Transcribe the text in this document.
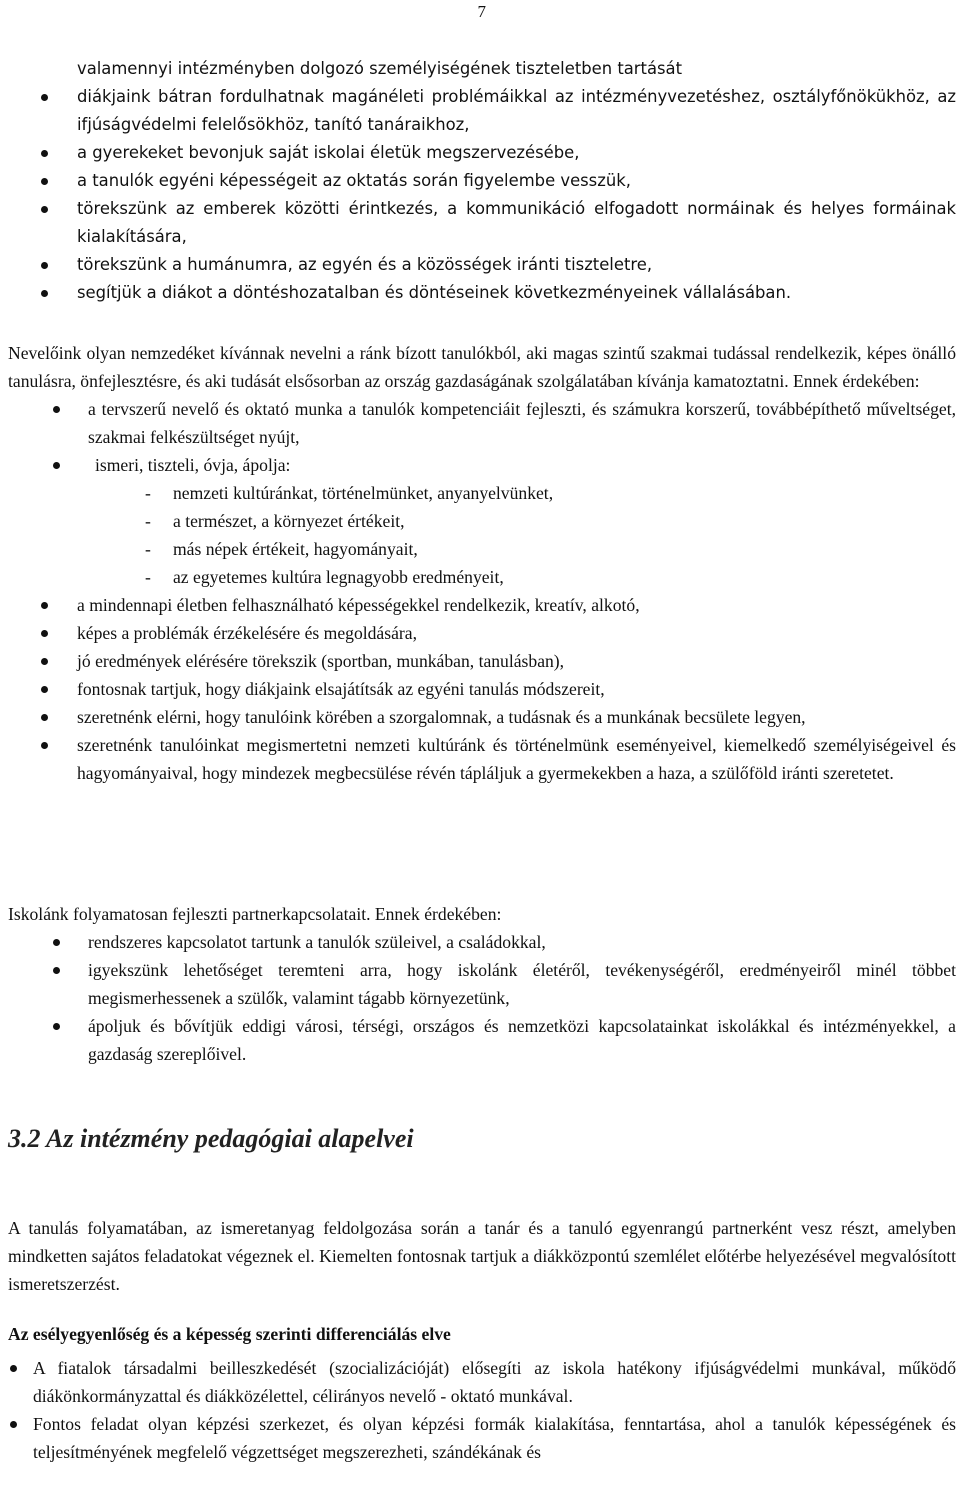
7
valamennyi intézményben dolgozó személyiségének tiszteletben tartását
diákjaink bátran fordulhatnak magánéleti problémáikkal az intézményvezetéshez, osztályfőnökükhöz, az ifjúságvédelmi felelősökhöz, tanító tanáraikhoz,
a gyerekeket bevonjuk saját iskolai életük megszervezésébe,
a tanulók egyéni képességeit az oktatás során figyelembe vesszük,
törekszünk az emberek közötti érintkezés, a kommunikáció elfogadott normáinak és helyes formáinak kialakítására,
törekszünk a humánumra, az egyén és a közösségek iránti tiszteletre,
segítjük a diákot a döntéshozatalban és döntéseinek következményeinek vállalásában.

Nevelőink olyan nemzedéket kívánnak nevelni a ránk bízott tanulókból, aki magas szintű szakmai tudással rendelkezik, képes önálló tanulásra, önfejlesztésre, és aki tudását elsősorban az ország gazdaságának szolgálatában kívánja kamatoztatni. Ennek érdekében:

a tervszerű nevelő és oktató munka a tanulók kompetenciáit fejleszti, és számukra korszerű, továbbépíthető műveltséget, szakmai felkészültséget nyújt,
ismeri, tiszteli, óvja, ápolja:
- nemzeti kultúránkat, történelmünket, anyanyelvünket,
- a természet, a környezet értékeit,
- más népek értékeit, hagyományait,
- az egyetemes kultúra legnagyobb eredményeit,
a mindennapi életben felhasználható képességekkel rendelkezik, kreatív, alkotó,
képes a problémák érzékelésére és megoldására,
jó eredmények elérésére törekszik (sportban, munkában, tanulásban),
fontosnak tartjuk, hogy diákjaink elsajátítsák az egyéni tanulás módszereit,
szeretnénk elérni, hogy tanulóink körében a szorgalomnak, a tudásnak és a munkának becsülete legyen,
szeretnénk tanulóinkat megismertetni nemzeti kultúránk és történelmünk eseményeivel, kiemelkedő személyiségeivel és hagyományaival, hogy mindezek megbecsülése révén tápláljuk a gyermekekben a haza, a szülőföld iránti szeretetet.

Iskolánk folyamatosan fejleszti partnerkapcsolatait. Ennek érdekében:

rendszeres kapcsolatot tartunk a tanulók szüleivel, a családokkal,
igyekszünk lehetőséget teremteni arra, hogy iskolánk életéről, tevékenységéről, eredményeiről minél többet megismerhessenek a szülők, valamint tágabb környezetünk,
ápoljuk és bővítjük eddigi városi, térségi, országos és nemzetközi kapcsolatainkat iskolákkal és intézményekkel, a gazdaság szereplőivel.
3.2 Az intézmény pedagógiai alapelvei

A tanulás folyamatában, az ismeretanyag feldolgozása során a tanár és a tanuló egyenrangú partnerként vesz részt, amelyben mindketten sajátos feladatokat végeznek el. Kiemelten fontosnak tartjuk a diákközpontú szemlélet előtérbe helyezésével megvalósított ismeretszerzést.

Az esélyegyenlőség és a képesség szerinti differenciálás elve
A fiatalok társadalmi beilleszkedését (szocializációját) elősegíti az iskola hatékony ifjúságvédelmi munkával, működő diákönkormányzattal és diákközélettel, célirányos nevelő - oktató munkával.
Fontos feladat olyan képzési szerkezet, és olyan képzési formák kialakítása, fenntartása, ahol a tanulók képességének és teljesítményének megfelelő végzettséget megszerezheti, szándékának és
